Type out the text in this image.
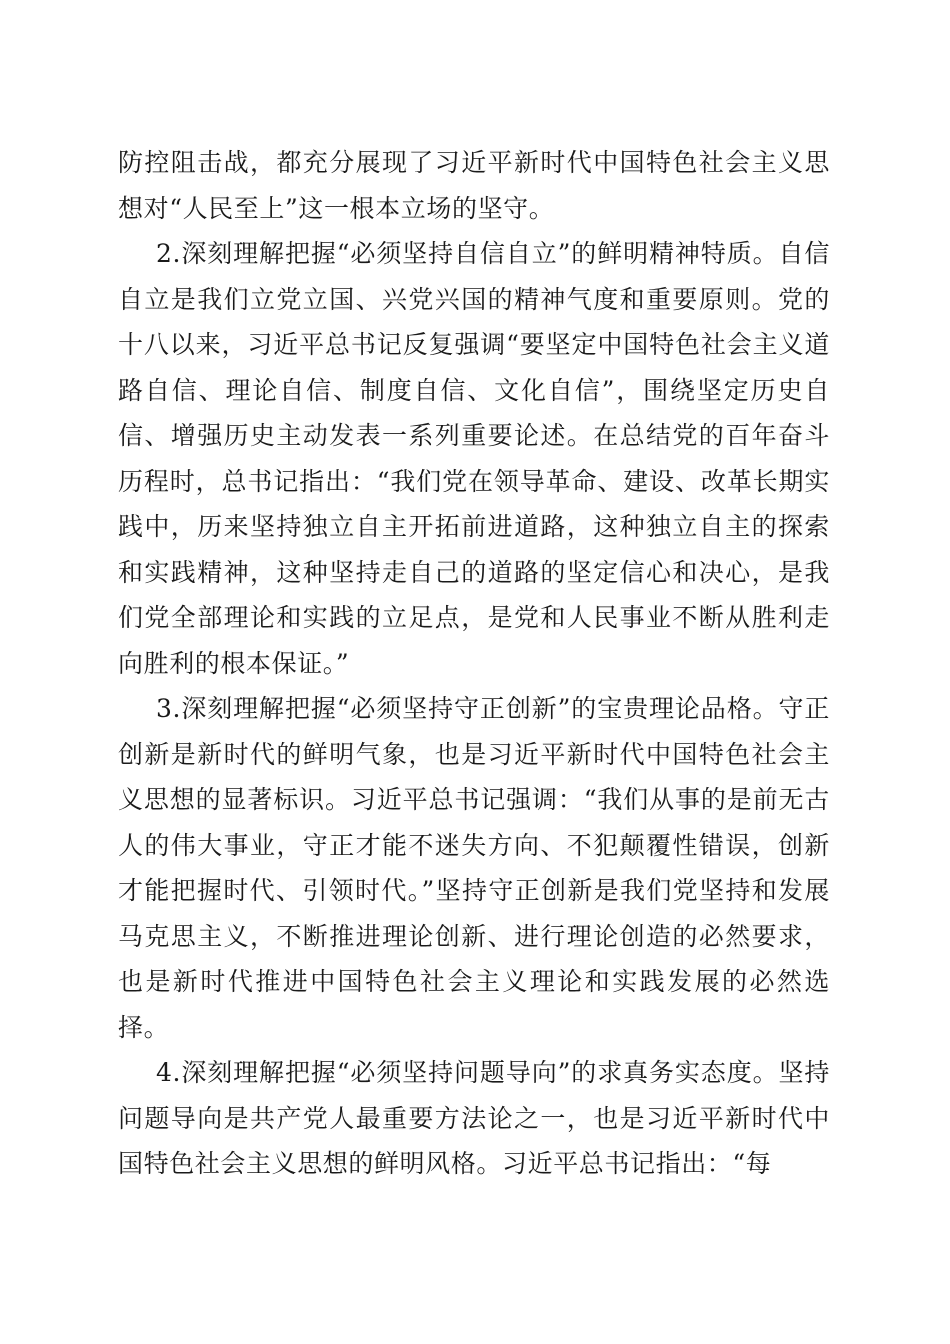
防控阻击战，都充分展现了习近平新时代中国特色社会主义思想对“人民至上”这一根本立场的坚守。

2.深刻理解把握“必须坚持自信自立”的鲜明精神特质。自信自立是我们立党立国、兴党兴国的精神气度和重要原则。党的十八以来，习近平总书记反复强调“要坚定中国特色社会主义道路自信、理论自信、制度自信、文化自信”，围绕坚定历史自信、增强历史主动发表一系列重要论述。在总结党的百年奋斗历程时，总书记指出：“我们党在领导革命、建设、改革长期实践中，历来坚持独立自主开拓前进道路，这种独立自主的探索和实践精神，这种坚持走自己的道路的坚定信心和决心，是我们党全部理论和实践的立足点，是党和人民事业不断从胜利走向胜利的根本保证。”

3.深刻理解把握“必须坚持守正创新”的宝贵理论品格。守正创新是新时代的鲜明气象，也是习近平新时代中国特色社会主义思想的显著标识。习近平总书记强调：“我们从事的是前无古人的伟大事业，守正才能不迷失方向、不犯颠覆性错误，创新才能把握时代、引领时代。”坚持守正创新是我们党坚持和发展马克思主义，不断推进理论创新、进行理论创造的必然要求，也是新时代推进中国特色社会主义理论和实践发展的必然选择。

4.深刻理解把握“必须坚持问题导向”的求真务实态度。坚持问题导向是共产党人最重要方法论之一，也是习近平新时代中国特色社会主义思想的鲜明风格。习近平总书记指出：“每
